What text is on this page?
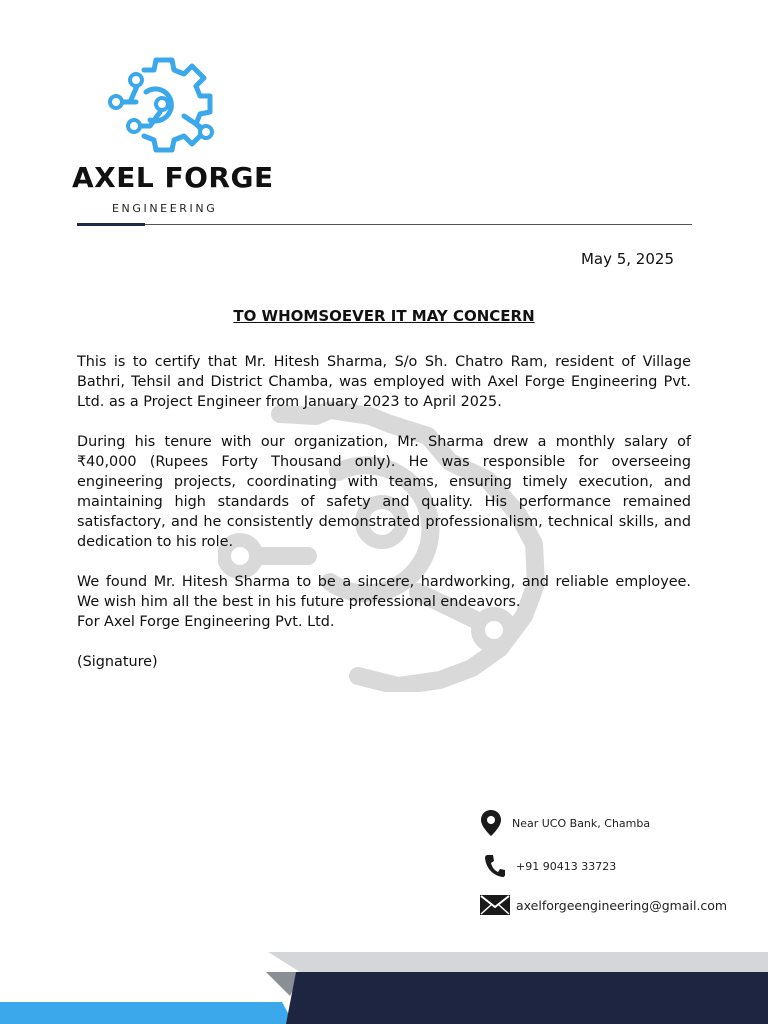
AXEL FORGE
ENGINEERING
May 5, 2025
TO WHOMSOEVER IT MAY CONCERN

This is to certify that Mr. Hitesh Sharma, S/o Sh. Chatro Ram, resident of Village Bathri, Tehsil and District Chamba, was employed with Axel Forge Engineering Pvt. Ltd. as a Project Engineer from January 2023 to April 2025.

During his tenure with our organization, Mr. Sharma drew a monthly salary of ₹40,000 (Rupees Forty Thousand only). He was responsible for overseeing engineering projects, coordinating with teams, ensuring timely execution, and maintaining high standards of safety and quality. His performance remained satisfactory, and he consistently demonstrated professionalism, technical skills, and dedication to his role.

We found Mr. Hitesh Sharma to be a sincere, hardworking, and reliable employee. We wish him all the best in his future professional endeavors.

For Axel Forge Engineering Pvt. Ltd.

(Signature)

Near UCO Bank, Chamba
+91 90413 33723
axelforgeengineering@gmail.com
